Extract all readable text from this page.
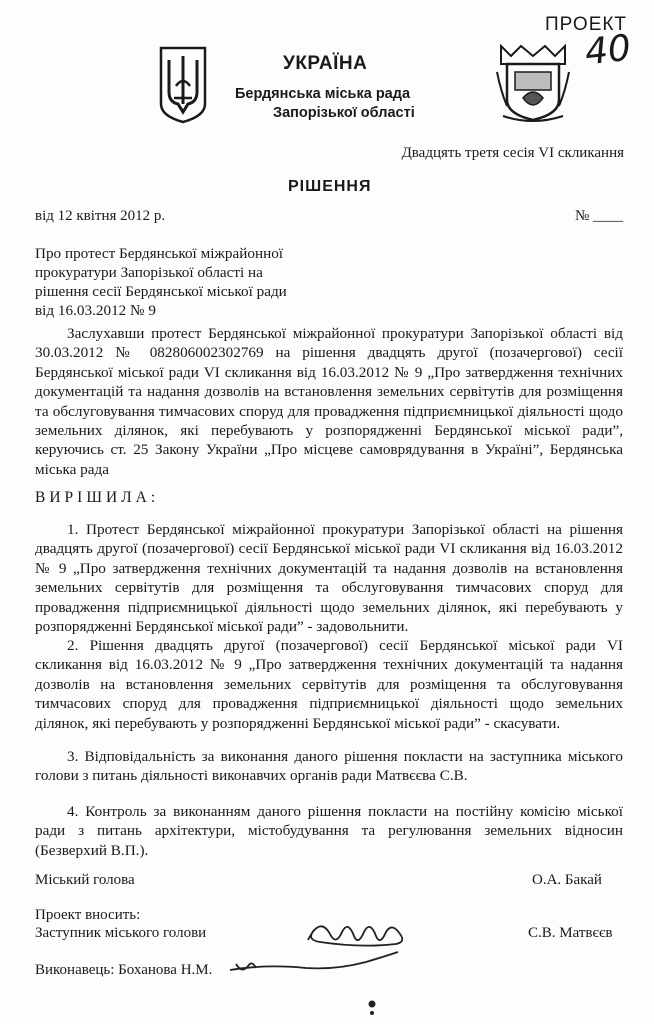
ПРОЕКТ
40
УКРАЇНА
Бердянська міська рада
Запорізької області
Двадцять третя сесія VI скликання
РІШЕННЯ
від 12 квітня 2012 р.	№ ____
Про протест Бердянської міжрайонної прокуратури Запорізької області на рішення сесії Бердянської міської ради від 16.03.2012 № 9
Заслухавши протест Бердянської міжрайонної прокуратури Запорізької області від 30.03.2012 № 082806002302769 на рішення двадцять другої (позачергової) сесії Бердянської міської ради VI скликання від 16.03.2012 № 9 „Про затвердження технічних документацій та надання дозволів на встановлення земельних сервітутів для розміщення та обслуговування тимчасових споруд для провадження підприємницької діяльності щодо земельних ділянок, які перебувають у розпорядженні Бердянської міської ради”, керуючись ст. 25 Закону України „Про місцеве самоврядування в Україні”, Бердянська міська рада
ВИРІШИЛА:
1. Протест Бердянської міжрайонної прокуратури Запорізької області на рішення двадцять другої (позачергової) сесії Бердянської міської ради VI скликання від 16.03.2012 № 9 „Про затвердження технічних документацій та надання дозволів на встановлення земельних сервітутів для розміщення та обслуговування тимчасових споруд для провадження підприємницької діяльності щодо земельних ділянок, які перебувають у розпорядженні Бердянської міської ради” - задовольнити.
2. Рішення двадцять другої (позачергової) сесії Бердянської міської ради VI скликання від 16.03.2012 № 9 „Про затвердження технічних документацій та надання дозволів на встановлення земельних сервітутів для розміщення та обслуговування тимчасових споруд для провадження підприємницької діяльності щодо земельних ділянок, які перебувають у розпорядженні Бердянської міської ради” - скасувати.
3. Відповідальність за виконання даного рішення покласти на заступника міського голови з питань діяльності виконавчих органів ради Матвєєва С.В.
4. Контроль за виконанням даного рішення покласти на постійну комісію міської ради з питань архітектури, містобудування та регулювання земельних відносин (Безверхий В.П.).
Міський голова	О.А. Бакай
Проект вносить:
Заступник міського голови	С.В. Матвєєв
Виконавець: Боханова Н.М.
